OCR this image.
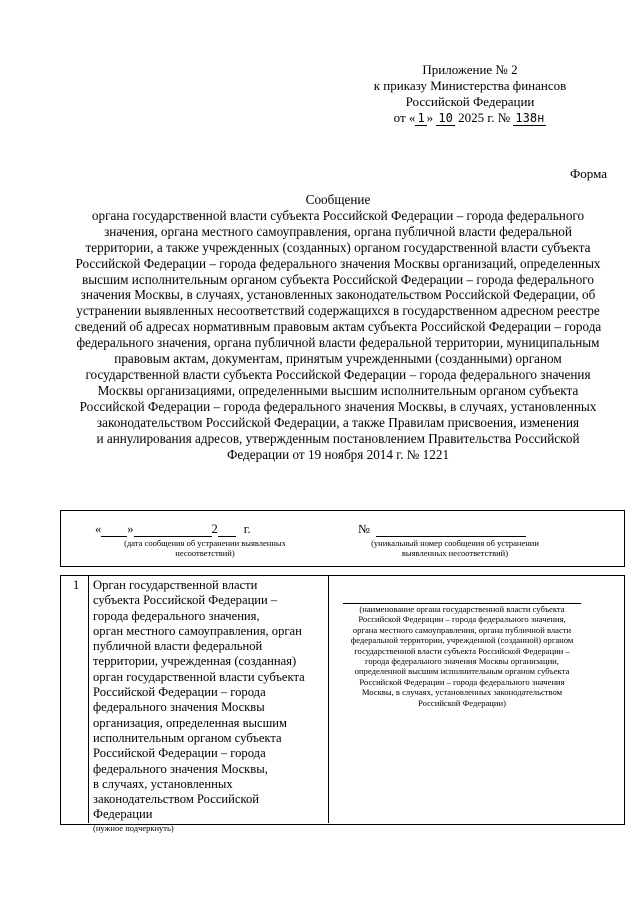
Приложение № 2
к приказу Министерства финансов
Российской Федерации
от « 1 » 10 2025 г. № 138н
Форма
Сообщение
органа государственной власти субъекта Российской Федерации – города федерального
значения, органа местного самоуправления, органа публичной власти федеральной
территории, а также учрежденных (созданных) органом государственной власти субъекта
Российской Федерации – города федерального значения Москвы организаций, определенных
высшим исполнительным органом субъекта Российской Федерации – города федерального
значения Москвы, в случаях, установленных законодательством Российской Федерации, об
устранении выявленных несоответствий содержащихся в государственном адресном реестре
сведений об адресах нормативным правовым актам субъекта Российской Федерации – города
федерального значения, органа публичной власти федеральной территории, муниципальным
правовым актам, документам, принятым учрежденными (созданными) органом
государственной власти субъекта Российской Федерации – города федерального значения
Москвы организациями, определенными высшим исполнительным органом субъекта
Российской Федерации – города федерального значения Москвы, в случаях, установленных
законодательством Российской Федерации, а также Правилам присвоения, изменения
и аннулирования адресов, утвержденным постановлением Правительства Российской
Федерации от 19 ноября 2014 г. № 1221
« »	2 г.
(дата сообщения об устранении выявленных
несоответствий)
№
(уникальный номер сообщения об устранении
выявленных несоответствий)
1 Орган государственной власти
субъекта Российской Федерации –
города федерального значения,
орган местного самоуправления, орган
публичной власти федеральной
территории, учрежденная (созданная)
орган государственной власти субъекта
Российской Федерации – города
федерального значения Москвы
организация, определенная высшим
исполнительным органом субъекта
Российской Федерации – города
федерального значения Москвы,
в случаях, установленных
законодательством Российской
Федерации
(нужное подчеркнуть)
(наименование органа государственной власти субъекта
Российской Федерации – города федерального значения,
органа местного самоуправления, органа публичной власти
федеральной территории, учрежденной (созданной) органом
государственной власти субъекта Российской Федерации –
города федерального значения Москвы организации,
определенной высшим исполнительным органом субъекта
Российской Федерации – города федерального значения
Москвы, в случаях, установленных законодательством
Российской Федерации)
